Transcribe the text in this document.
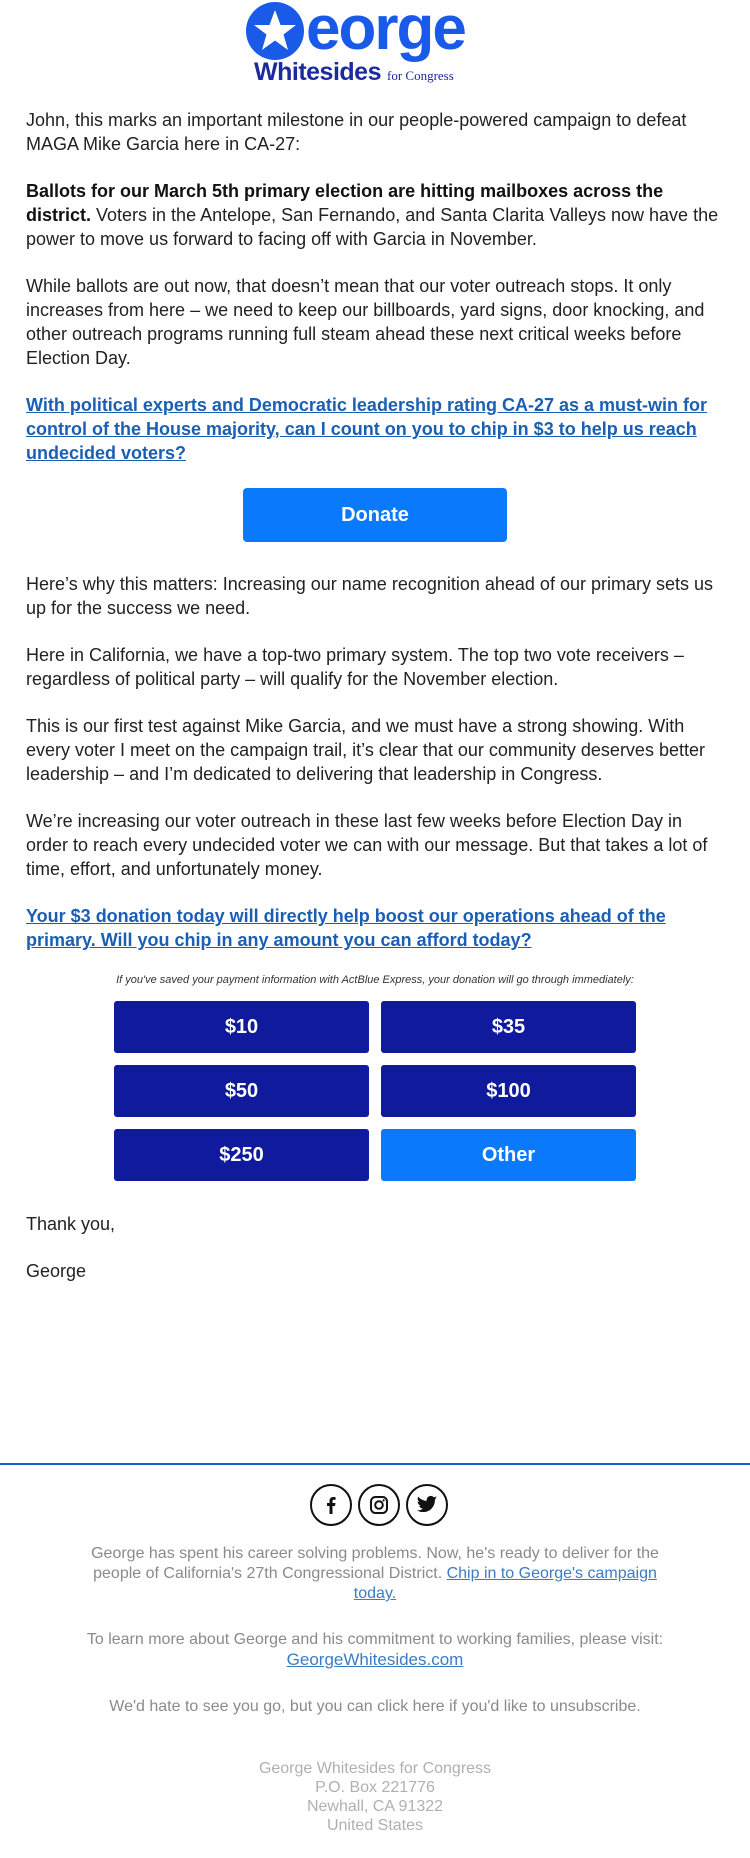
eorge
Whitesides for Congress

John, this marks an important milestone in our people-powered campaign to defeat MAGA Mike Garcia here in CA-27:

Ballots for our March 5th primary election are hitting mailboxes across the district. Voters in the Antelope, San Fernando, and Santa Clarita Valleys now have the power to move us forward to facing off with Garcia in November.

While ballots are out now, that doesn’t mean that our voter outreach stops. It only increases from here – we need to keep our billboards, yard signs, door knocking, and other outreach programs running full steam ahead these next critical weeks before Election Day.

With political experts and Democratic leadership rating CA-27 as a must-win for control of the House majority, can I count on you to chip in $3 to help us reach undecided voters?

Donate

Here’s why this matters: Increasing our name recognition ahead of our primary sets us up for the success we need.

Here in California, we have a top-two primary system. The top two vote receivers – regardless of political party – will qualify for the November election.

This is our first test against Mike Garcia, and we must have a strong showing. With every voter I meet on the campaign trail, it’s clear that our community deserves better leadership – and I’m dedicated to delivering that leadership in Congress.

We’re increasing our voter outreach in these last few weeks before Election Day in order to reach every undecided voter we can with our message. But that takes a lot of time, effort, and unfortunately money.

Your $3 donation today will directly help boost our operations ahead of the primary. Will you chip in any amount you can afford today?

If you've saved your payment information with ActBlue Express, your donation will go through immediately:
$10	$35
$50	$100
$250	Other
Thank you,
George
George has spent his career solving problems. Now, he's ready to deliver for the people of California's 27th Congressional District. Chip in to George's campaign today.
To learn more about George and his commitment to working families, please visit:
GeorgeWhitesides.com
We'd hate to see you go, but you can click here if you'd like to unsubscribe.
George Whitesides for Congress
P.O. Box 221776
Newhall, CA 91322
United States
